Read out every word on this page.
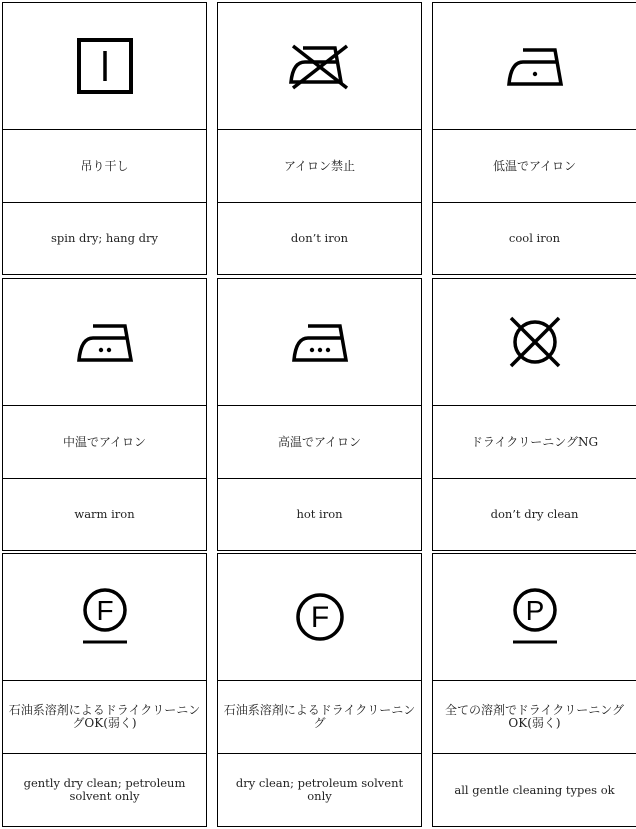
吊り干し
spin dry; hang dry
アイロン禁止
don’t iron
低温でアイロン
cool iron
中温でアイロン
warm iron
高温でアイロン
hot iron
ドライクリーニングNG
don’t dry clean
F
石油系溶剤によるドライクリーニングOK(弱く)
gently dry clean; petroleum solvent only
F
石油系溶剤によるドライクリーニング
dry clean; petroleum solvent only
P
全ての溶剤でドライクリーニングOK(弱く)
all gentle cleaning types ok
